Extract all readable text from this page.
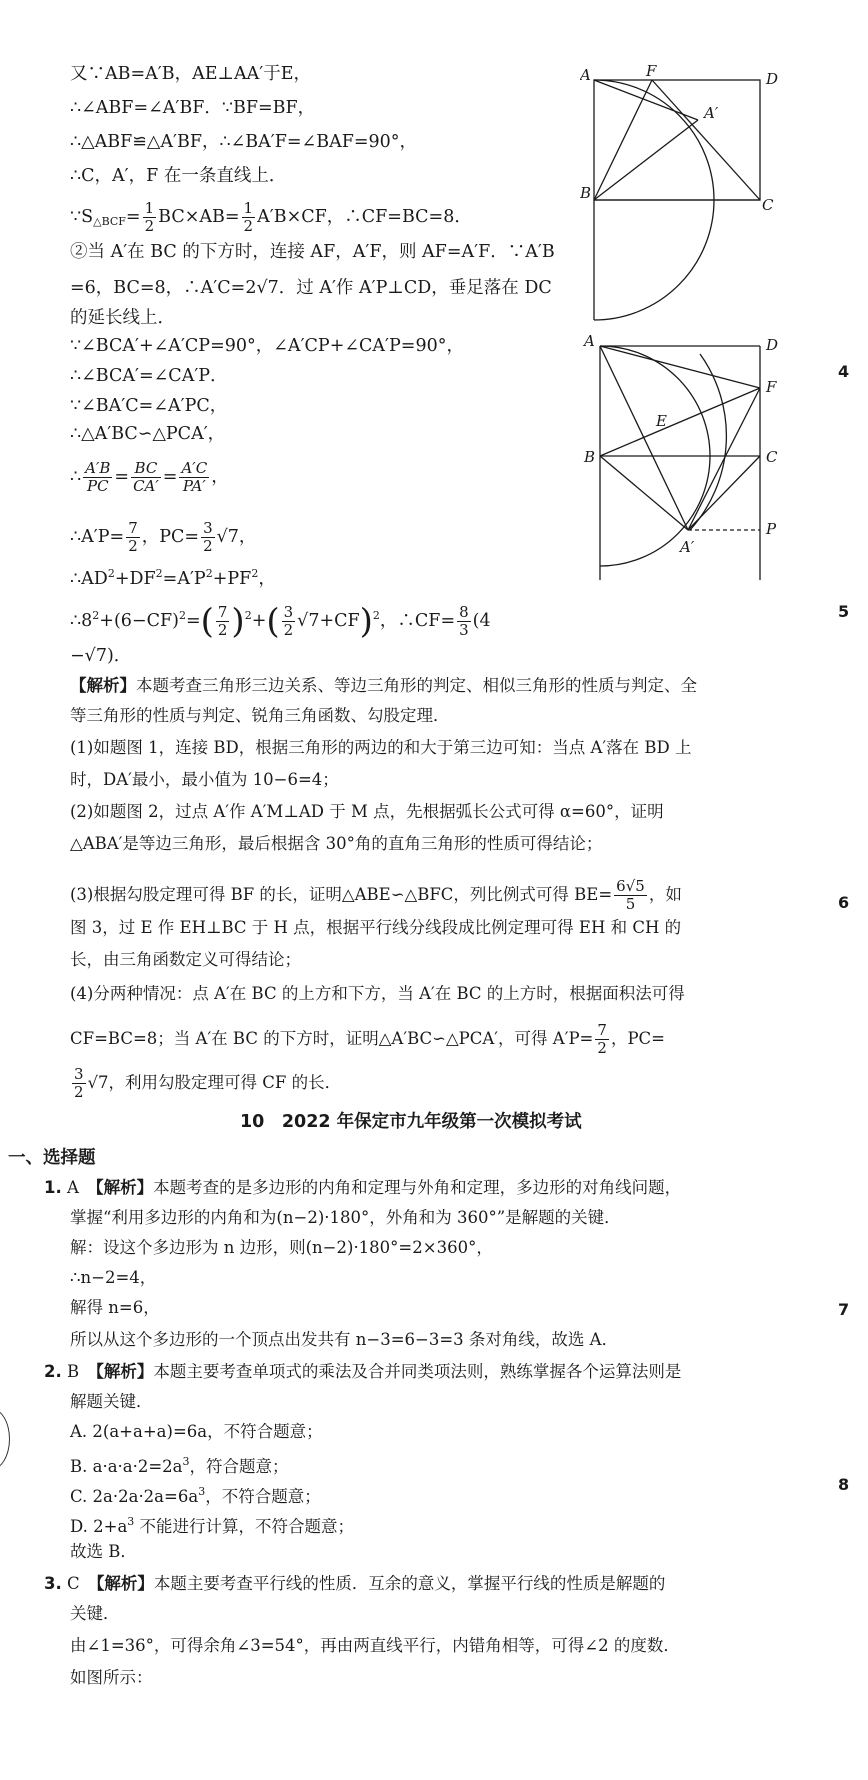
又∵AB=A′B，AE⊥AA′于E，
∴∠ABF=∠A′BF．∵BF=BF，
∴△ABF≌△A′BF，∴∠BA′F=∠BAF=90°，
∴C，A′，F 在一条直线上．
$\because S_{\triangle BCF}= \frac{1}{2} BC\times AB= \frac{1}{2} A'B\times CF$，∴CF=BC=8．
②当 A′在 BC 的下方时，连接 AF，A′F，则 AF=A′F．∵A′B
=6，BC=8，∴A′C=2√7．过 A′作 A′P⊥CD，垂足落在 DC
的延长线上．
∵∠BCA′+∠A′CP=90°，∠A′CP+∠CA′P=90°，
∴∠BCA′=∠CA′P．
∵∠BA′C=∠A′PC，
∴△A′BC∽△PCA′，
∴ $\frac{A'B}{PC} = \frac{BC}{CA'} = \frac{A'C}{PA'}$ ，
∴A′P= $\frac{7}{2}$ ，$PC= \frac{3}{2} √7$，
$\therefore AD^2+DF^2=A'P^2+PF^2$，
$\therefore 8^2+(6-CF)^2=( \frac{7}{2} )^2+( \frac{3}{2} √7+CF)^2$，∴CF= $\frac{8}{3} (4$
−√7)．
【解析】本题考查三角形三边关系、等边三角形的判定、相似三角形的性质与判定、全
等三角形的性质与判定、锐角三角函数、勾股定理．
(1)如题图 1，连接 BD，根据三角形的两边的和大于第三边可知：当点 A′落在 BD 上
时，DA′最小，最小值为 10−6=4；
(2)如题图 2，过点 A′作 A′M⊥AD 于 M 点，先根据弧长公式可得 α=60°，证明
△ABA′是等边三角形，最后根据含 30°角的直角三角形的性质可得结论；
(3)根据勾股定理可得 BF 的长，证明△ABE∽△BFC，列比例式可得 $BE= \frac{6√5}{5}$ ，如
图 3，过 E 作 EH⊥BC 于 H 点，根据平行线分线段成比例定理可得 EH 和 CH 的
长，由三角函数定义可得结论；
(4)分两种情况：点 A′在 BC 的上方和下方，当 A′在 BC 的上方时，根据面积法可得
CF=BC=8；当 A′在 BC 的下方时，证明△A′BC∽△PCA′，可得 $A'P= \frac{7}{2}$ ，PC=
$\frac{3}{2} √7$，利用勾股定理可得 CF 的长．
10　2022 年保定市九年级第一次模拟考试
一、选择题
1. A　 【解析】本题考查的是多边形的内角和定理与外角和定理，多边形的对角线问题，
掌握“利用多边形的内角和为(n−2)·180°，外角和为 360°”是解题的关键．
解：设这个多边形为 n 边形，则(n−2)·180°=2×360°，
∴n−2=4，
解得 n=6，
所以从这个多边形的一个顶点出发共有 n−3=6−3=3 条对角线，故选 A．
2. B　 【解析】本题主要考查单项式的乘法及合并同类项法则，熟练掌握各个运算法则是
解题关键．
A. 2(a+a+a)=6a，不符合题意；
B. $a\cdot a\cdot a\cdot 2=2a^3$，符合题意；
C. $2a\cdot 2a\cdot 2a=6a^3$，不符合题意；
D. $2+a^3$ 不能进行计算，不符合题意；
故选 B．
3. C　 【解析】本题主要考查平行线的性质．互余的意义，掌握平行线的性质是解题的
关键．
由∠1=36°，可得余角∠3=54°，再由两直线平行，内错角相等，可得∠2 的度数．
如图所示：
4
5
6
7
8
A	F	D
A′
B
C
A	D
F
E
B	C
P
A′
